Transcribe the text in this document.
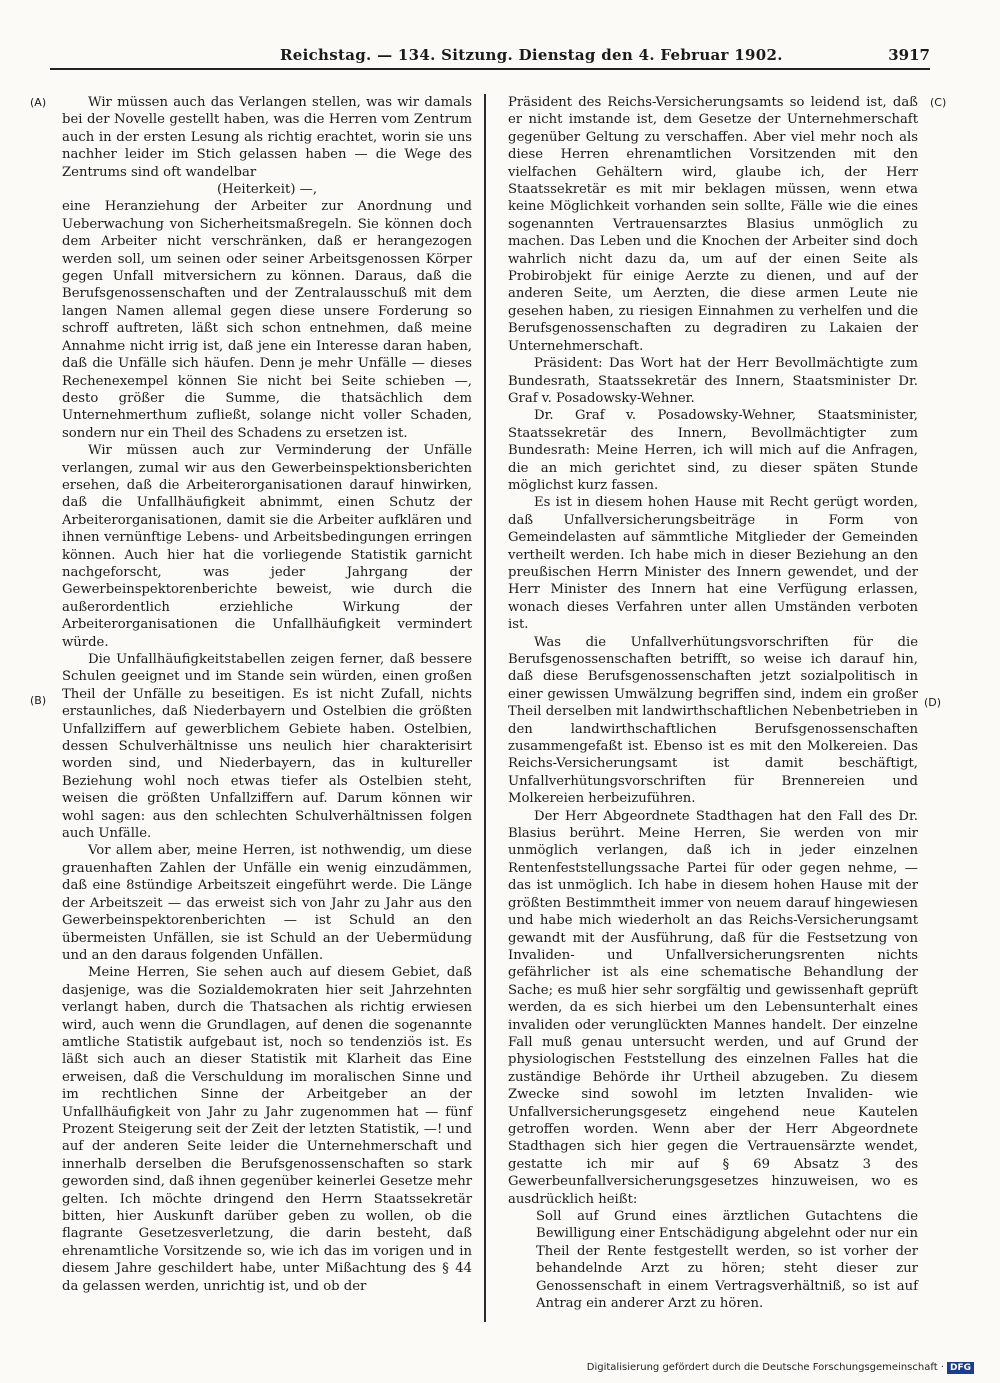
Reichstag. — 134. Sitzung. Dienstag den 4. Februar 1902.	3917
(A)
(B)
(C)
(D)

Wir müssen auch das Verlangen stellen, was wir damals bei der Novelle gestellt haben, was die Herren vom Zentrum auch in der ersten Lesung als richtig erachtet, worin sie uns nachher leider im Stich gelassen haben — die Wege des Zentrums sind oft wandelbar

(Heiterkeit) —,

eine Heranziehung der Arbeiter zur Anordnung und Ueberwachung von Sicherheitsmaßregeln. Sie können doch dem Arbeiter nicht verschränken, daß er herangezogen werden soll, um seinen oder seiner Arbeitsgenossen Körper gegen Unfall mitversichern zu können. Daraus, daß die Berufsgenossenschaften und der Zentralausschuß mit dem langen Namen allemal gegen diese unsere Forderung so schroff auftreten, läßt sich schon entnehmen, daß meine Annahme nicht irrig ist, daß jene ein Interesse daran haben, daß die Unfälle sich häufen. Denn je mehr Unfälle — dieses Rechenexempel können Sie nicht bei Seite schieben —, desto größer die Summe, die thatsächlich dem Unternehmerthum zufließt, solange nicht voller Schaden, sondern nur ein Theil des Schadens zu ersetzen ist.

Wir müssen auch zur Verminderung der Unfälle verlangen, zumal wir aus den Gewerbeinspektionsberichten ersehen, daß die Arbeiterorganisationen darauf hinwirken, daß die Unfallhäufigkeit abnimmt, einen Schutz der Arbeiterorganisationen, damit sie die Arbeiter aufklären und ihnen vernünftige Lebens- und Arbeitsbedingungen erringen können. Auch hier hat die vorliegende Statistik garnicht nachgeforscht, was jeder Jahrgang der Gewerbeinspektorenberichte beweist, wie durch die außerordentlich erziehliche Wirkung der Arbeiterorganisationen die Unfallhäufigkeit vermindert würde.

Die Unfallhäufigkeitstabellen zeigen ferner, daß bessere Schulen geeignet und im Stande sein würden, einen großen Theil der Unfälle zu beseitigen. Es ist nicht Zufall, nichts erstaunliches, daß Niederbayern und Ostelbien die größten Unfallziffern auf gewerblichem Gebiete haben. Ostelbien, dessen Schulverhältnisse uns neulich hier charakterisirt worden sind, und Niederbayern, das in kultureller Beziehung wohl noch etwas tiefer als Ostelbien steht, weisen die größten Unfallziffern auf. Darum können wir wohl sagen: aus den schlechten Schulverhältnissen folgen auch Unfälle.

Vor allem aber, meine Herren, ist nothwendig, um diese grauenhaften Zahlen der Unfälle ein wenig einzudämmen, daß eine 8stündige Arbeitszeit eingeführt werde. Die Länge der Arbeitszeit — das erweist sich von Jahr zu Jahr aus den Gewerbeinspektorenberichten — ist Schuld an den übermeisten Unfällen, sie ist Schuld an der Uebermüdung und an den daraus folgenden Unfällen.

Meine Herren, Sie sehen auch auf diesem Gebiet, daß dasjenige, was die Sozialdemokraten hier seit Jahrzehnten verlangt haben, durch die Thatsachen als richtig erwiesen wird, auch wenn die Grundlagen, auf denen die sogenannte amtliche Statistik aufgebaut ist, noch so tendenziös ist. Es läßt sich auch an dieser Statistik mit Klarheit das Eine erweisen, daß die Verschuldung im moralischen Sinne und im rechtlichen Sinne der Arbeitgeber an der Unfallhäufigkeit von Jahr zu Jahr zugenommen hat — fünf Prozent Steigerung seit der Zeit der letzten Statistik, —! und auf der anderen Seite leider die Unternehmerschaft und innerhalb derselben die Berufsgenossenschaften so stark geworden sind, daß ihnen gegenüber keinerlei Gesetze mehr gelten. Ich möchte dringend den Herrn Staatssekretär bitten, hier Auskunft darüber geben zu wollen, ob die flagrante Gesetzesverletzung, die darin besteht, daß ehrenamtliche Vorsitzende so, wie ich das im vorigen und in diesem Jahre geschildert habe, unter Mißachtung des § 44 da gelassen werden, unrichtig ist, und ob der

Präsident des Reichs-Versicherungsamts so leidend ist, daß er nicht imstande ist, dem Gesetze der Unternehmerschaft gegenüber Geltung zu verschaffen. Aber viel mehr noch als diese Herren ehrenamtlichen Vorsitzenden mit den vielfachen Gehältern wird, glaube ich, der Herr Staatssekretär es mit mir beklagen müssen, wenn etwa keine Möglichkeit vorhanden sein sollte, Fälle wie die eines sogenannten Vertrauensarztes Blasius unmöglich zu machen. Das Leben und die Knochen der Arbeiter sind doch wahrlich nicht dazu da, um auf der einen Seite als Probirobjekt für einige Aerzte zu dienen, und auf der anderen Seite, um Aerzten, die diese armen Leute nie gesehen haben, zu riesigen Einnahmen zu verhelfen und die Berufsgenossenschaften zu degradiren zu Lakaien der Unternehmerschaft.

Präsident: Das Wort hat der Herr Bevollmächtigte zum Bundesrath, Staatssekretär des Innern, Staatsminister Dr. Graf v. Posadowsky-Wehner.

Dr. Graf v. Posadowsky-Wehner, Staatsminister, Staatssekretär des Innern, Bevollmächtigter zum Bundesrath: Meine Herren, ich will mich auf die Anfragen, die an mich gerichtet sind, zu dieser späten Stunde möglichst kurz fassen.

Es ist in diesem hohen Hause mit Recht gerügt worden, daß Unfallversicherungsbeiträge in Form von Gemeindelasten auf sämmtliche Mitglieder der Gemeinden vertheilt werden. Ich habe mich in dieser Beziehung an den preußischen Herrn Minister des Innern gewendet, und der Herr Minister des Innern hat eine Verfügung erlassen, wonach dieses Verfahren unter allen Umständen verboten ist.

Was die Unfallverhütungsvorschriften für die Berufsgenossenschaften betrifft, so weise ich darauf hin, daß diese Berufsgenossenschaften jetzt sozialpolitisch in einer gewissen Umwälzung begriffen sind, indem ein großer Theil derselben mit landwirthschaftlichen Nebenbetrieben in den landwirthschaftlichen Berufsgenossenschaften zusammengefaßt ist. Ebenso ist es mit den Molkereien. Das Reichs-Versicherungsamt ist damit beschäftigt, Unfallverhütungsvorschriften für Brennereien und Molkereien herbeizuführen.

Der Herr Abgeordnete Stadthagen hat den Fall des Dr. Blasius berührt. Meine Herren, Sie werden von mir unmöglich verlangen, daß ich in jeder einzelnen Rentenfeststellungssache Partei für oder gegen nehme, — das ist unmöglich. Ich habe in diesem hohen Hause mit der größten Bestimmtheit immer von neuem darauf hingewiesen und habe mich wiederholt an das Reichs-Versicherungsamt gewandt mit der Ausführung, daß für die Festsetzung von Invaliden- und Unfallversicherungsrenten nichts gefährlicher ist als eine schematische Behandlung der Sache; es muß hier sehr sorgfältig und gewissenhaft geprüft werden, da es sich hierbei um den Lebensunterhalt eines invaliden oder verunglückten Mannes handelt. Der einzelne Fall muß genau untersucht werden, und auf Grund der physiologischen Feststellung des einzelnen Falles hat die zuständige Behörde ihr Urtheil abzugeben. Zu diesem Zwecke sind sowohl im letzten Invaliden- wie Unfallversicherungsgesetz eingehend neue Kautelen getroffen worden. Wenn aber der Herr Abgeordnete Stadthagen sich hier gegen die Vertrauensärzte wendet, gestatte ich mir auf § 69 Absatz 3 des Gewerbeunfallversicherungsgesetzes hinzuweisen, wo es ausdrücklich heißt:

Soll auf Grund eines ärztlichen Gutachtens die Bewilligung einer Entschädigung abgelehnt oder nur ein Theil der Rente festgestellt werden, so ist vorher der behandelnde Arzt zu hören; steht dieser zur Genossenschaft in einem Vertragsverhältniß, so ist auf Antrag ein anderer Arzt zu hören.

Digitalisierung gefördert durch die Deutsche Forschungsgemeinschaft · DFG
